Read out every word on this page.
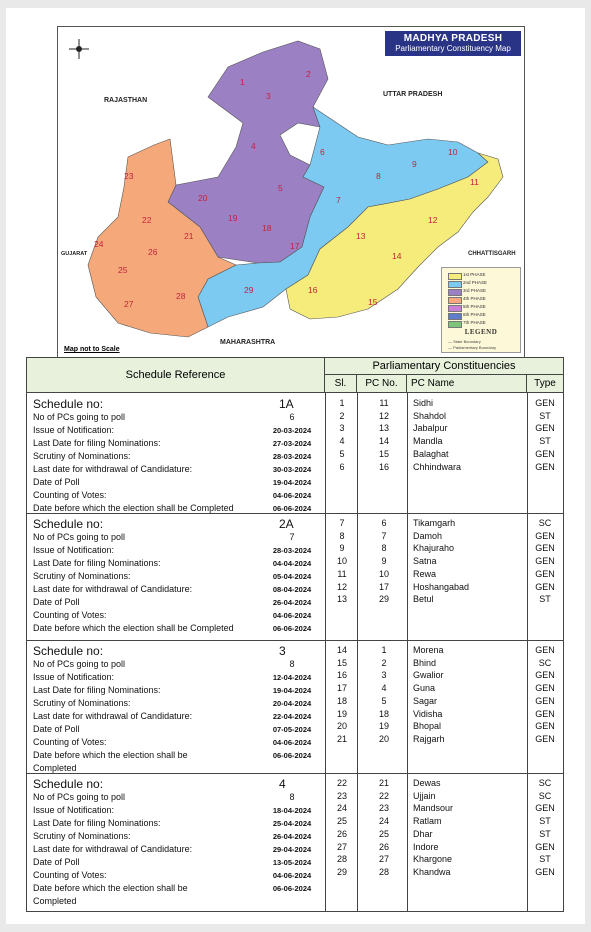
1
2
3
4
5
6
7
8
9
10
11
12
13
14
15
16
17
18
19
20
21
22
23
24
25
26
27
28
29
MADHYA PRADESH
Parliamentary Constituency Map
RAJASTHAN
UTTAR PRADESH
GUJARAT	CHHATTISGARH
MAHARASHTRA
Map not to Scale
1st PHASE
2nd PHASE
3rd PHASE
4th PHASE
5th PHASE
6th PHASE
7th PHASE
LEGEND
— State Boundary
— Parliamentary Boundary
Schedule Reference
Parliamentary Constituencies
Sl.	PC No.	PC Name	Type
Schedule no:	1A
No of PCs going to poll	6
Issue of Notification:	20-03-2024
Last Date for filing Nominations:	27-03-2024
Scrutiny of Nominations:	28-03-2024
Last date for withdrawal of Candidature:	30-03-2024
Date of Poll	19-04-2024
Counting of Votes:	04-06-2024
Date before which the election shall be Completed	06-06-2024
1	11	Sidhi	GEN
2	12	Shahdol	ST
3	13	Jabalpur	GEN
4	14	Mandla	ST
5	15	Balaghat	GEN
6	16	Chhindwara	GEN
Schedule no:	2A
No of PCs going to poll	7
Issue of Notification:	28-03-2024
Last Date for filing Nominations:	04-04-2024
Scrutiny of Nominations:	05-04-2024
Last date for withdrawal of Candidature:	08-04-2024
Date of Poll	26-04-2024
Counting of Votes:	04-06-2024
Date before which the election shall be Completed	06-06-2024
7	6	Tikamgarh	SC
8	7	Damoh	GEN
9	8	Khajuraho	GEN
10	9	Satna	GEN
11	10	Rewa	GEN
12	17	Hoshangabad	GEN
13	29	Betul	ST
Schedule no:	3
No of PCs going to poll	8
Issue of Notification:	12-04-2024
Last Date for filing Nominations:	19-04-2024
Scrutiny of Nominations:	20-04-2024
Last date for withdrawal of Candidature:	22-04-2024
Date of Poll	07-05-2024
Counting of Votes:	04-06-2024
Date before which the election shall be
Completed
06-06-2024
14	1	Morena	GEN
15	2	Bhind	SC
16	3	Gwalior	GEN
17	4	Guna	GEN
18	5	Sagar	GEN
19	18	Vidisha	GEN
20	19	Bhopal	GEN
21	20	Rajgarh	GEN
Schedule no:	4
No of PCs going to poll	8
Issue of Notification:	18-04-2024
Last Date for filing Nominations:	25-04-2024
Scrutiny of Nominations:	26-04-2024
Last date for withdrawal of Candidature:	29-04-2024
Date of Poll	13-05-2024
Counting of Votes:	04-06-2024
Date before which the election shall be
Completed
06-06-2024
22	21	Dewas	SC
23	22	Ujjain	SC
24	23	Mandsour	GEN
25	24	Ratlam	ST
26	25	Dhar	ST
27	26	Indore	GEN
28	27	Khargone	ST
29	28	Khandwa	GEN
